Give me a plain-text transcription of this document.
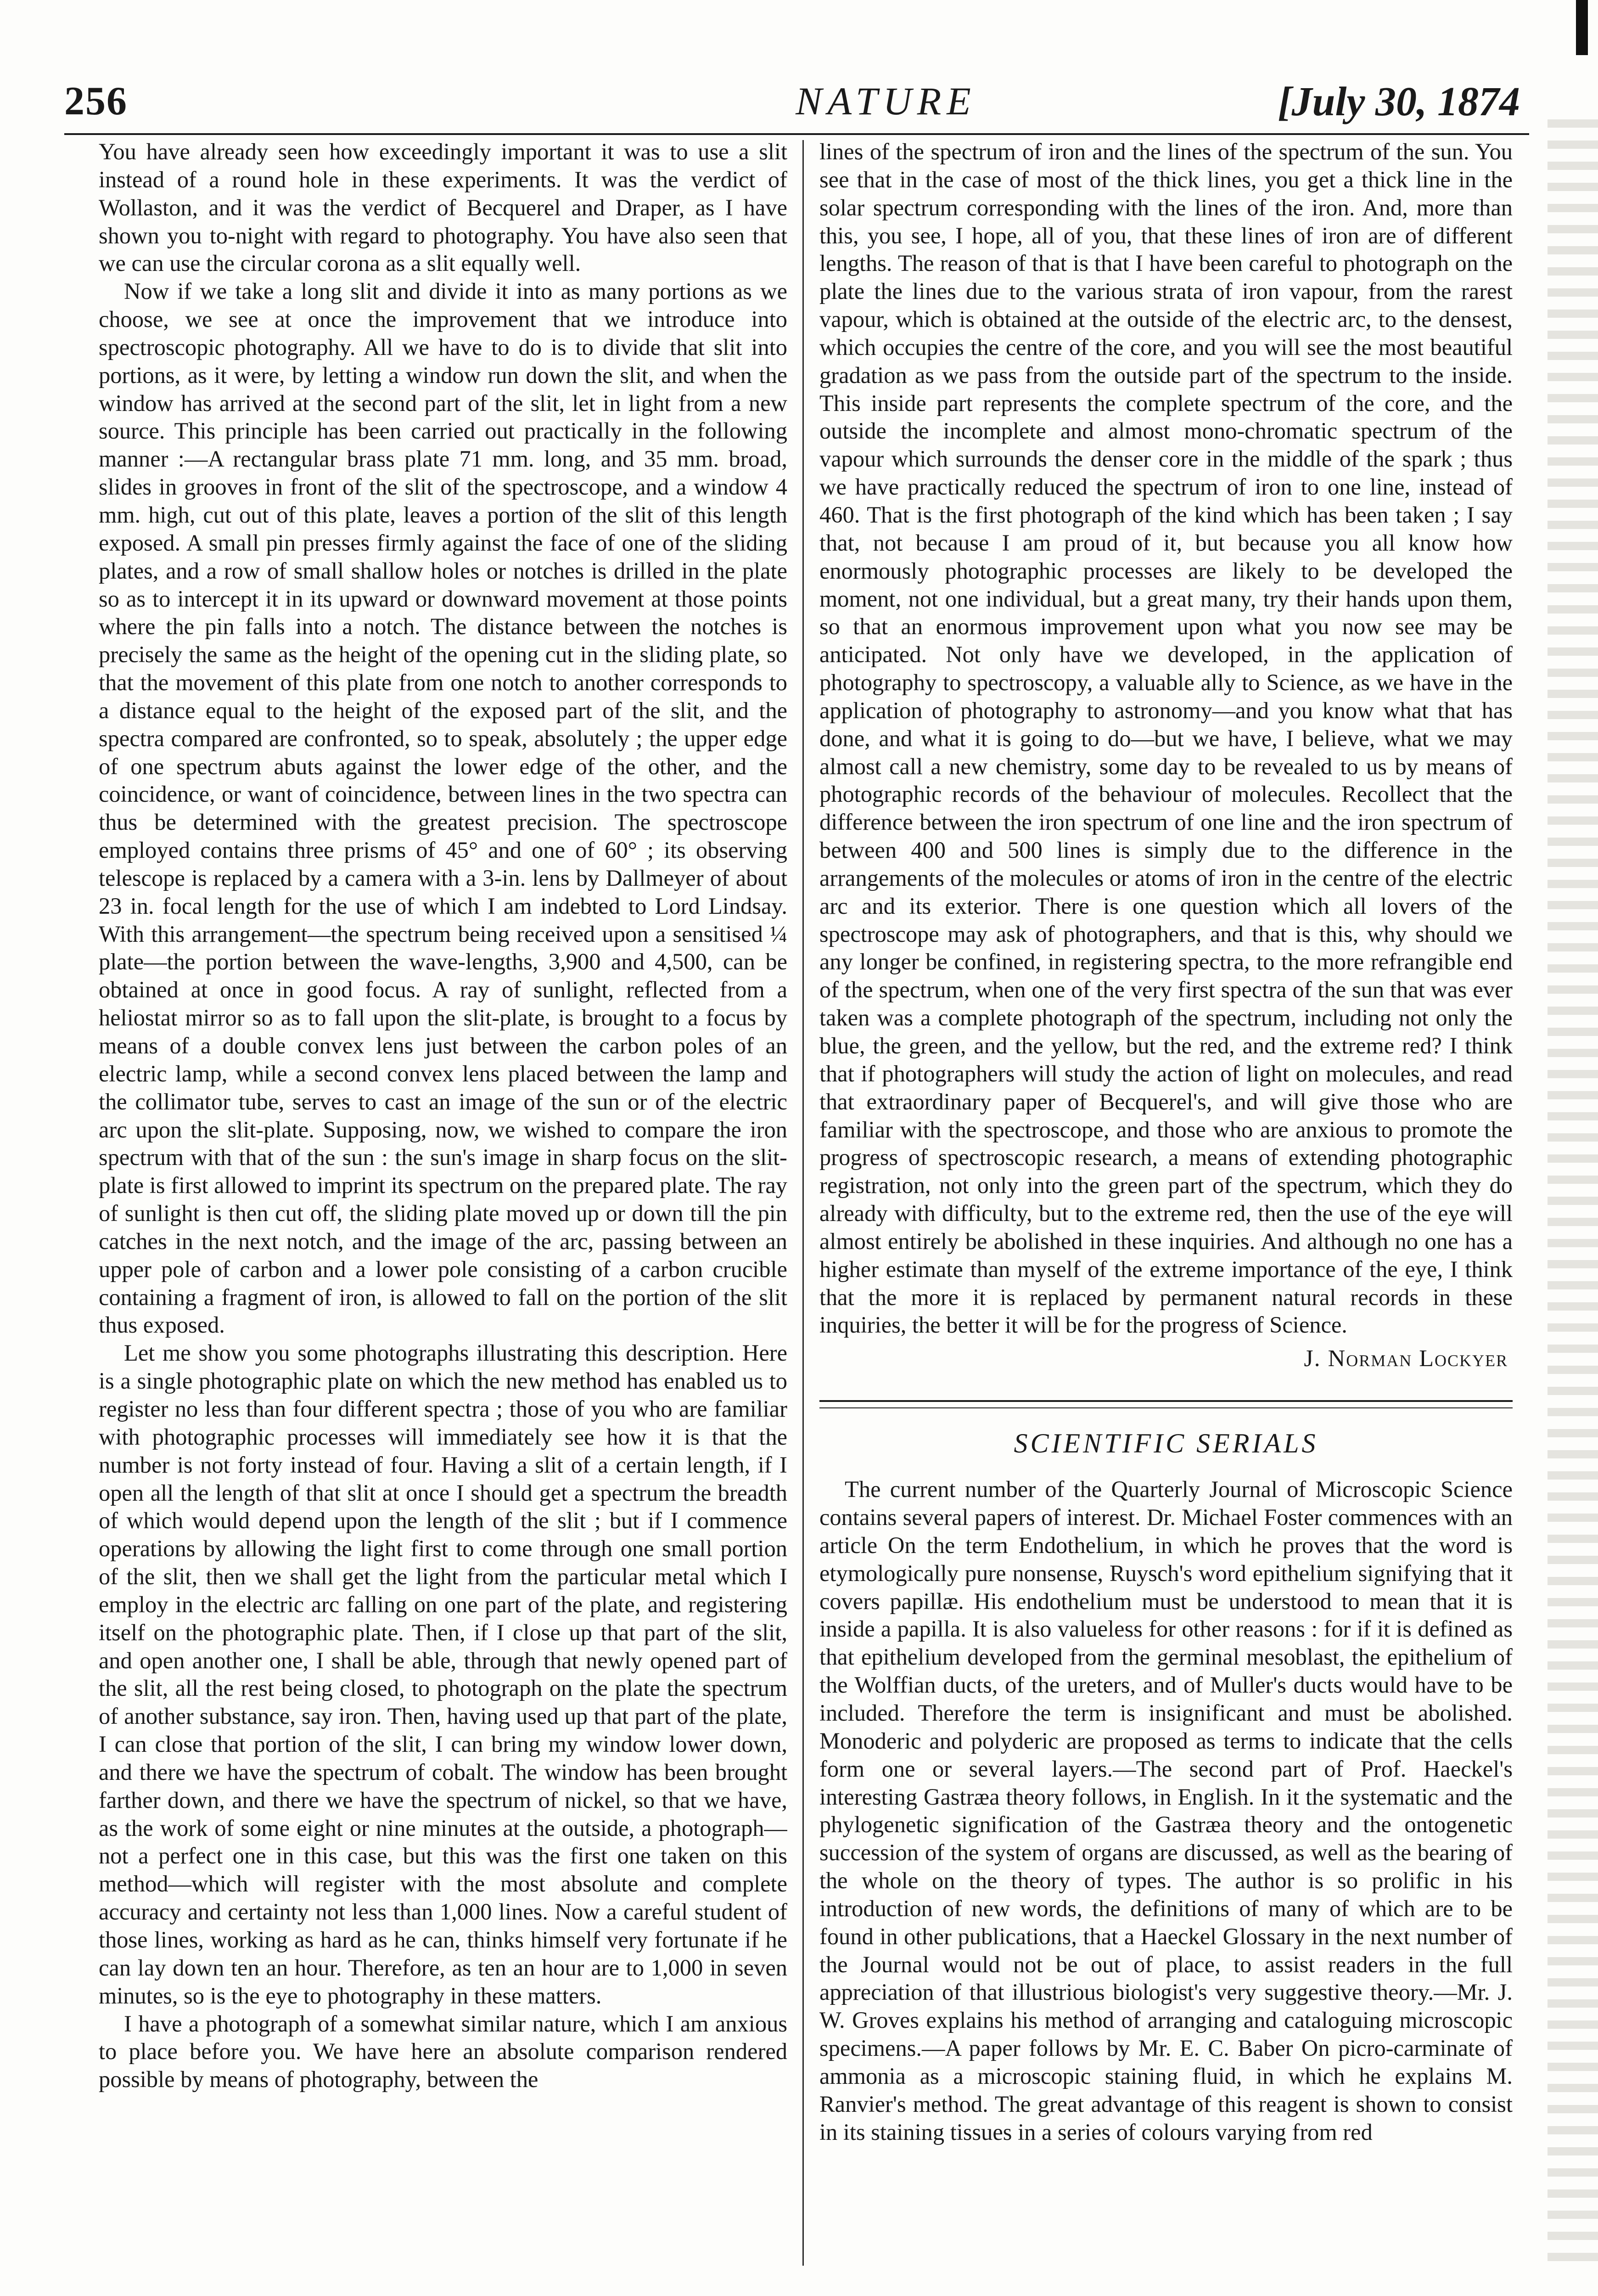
256	NATURE	[July 30, 1874

You have already seen how exceedingly important it was to use a slit instead of a round hole in these experiments. It was the verdict of Wollaston, and it was the verdict of Becquerel and Draper, as I have shown you to-night with regard to photography. You have also seen that we can use the circular corona as a slit equally well.

Now if we take a long slit and divide it into as many portions as we choose, we see at once the improvement that we introduce into spectroscopic photography. All we have to do is to divide that slit into portions, as it were, by letting a window run down the slit, and when the window has arrived at the second part of the slit, let in light from a new source. This principle has been carried out practically in the following manner :—A rectangular brass plate 71 mm. long, and 35 mm. broad, slides in grooves in front of the slit of the spectroscope, and a window 4 mm. high, cut out of this plate, leaves a portion of the slit of this length exposed. A small pin presses firmly against the face of one of the sliding plates, and a row of small shallow holes or notches is drilled in the plate so as to intercept it in its upward or downward movement at those points where the pin falls into a notch. The distance between the notches is precisely the same as the height of the opening cut in the sliding plate, so that the movement of this plate from one notch to another corresponds to a distance equal to the height of the exposed part of the slit, and the spectra compared are confronted, so to speak, absolutely ; the upper edge of one spectrum abuts against the lower edge of the other, and the coincidence, or want of coincidence, between lines in the two spectra can thus be determined with the greatest precision. The spectroscope employed contains three prisms of 45° and one of 60° ; its observing telescope is replaced by a camera with a 3-in. lens by Dallmeyer of about 23 in. focal length for the use of which I am indebted to Lord Lindsay. With this arrangement—the spectrum being received upon a sensitised ¼ plate—the portion between the wave-lengths, 3,900 and 4,500, can be obtained at once in good focus. A ray of sunlight, reflected from a heliostat mirror so as to fall upon the slit-plate, is brought to a focus by means of a double convex lens just between the carbon poles of an electric lamp, while a second convex lens placed between the lamp and the collimator tube, serves to cast an image of the sun or of the electric arc upon the slit-plate. Supposing, now, we wished to compare the iron spectrum with that of the sun : the sun's image in sharp focus on the slit-plate is first allowed to imprint its spectrum on the prepared plate. The ray of sunlight is then cut off, the sliding plate moved up or down till the pin catches in the next notch, and the image of the arc, passing between an upper pole of carbon and a lower pole consisting of a carbon crucible containing a fragment of iron, is allowed to fall on the portion of the slit thus exposed.

Let me show you some photographs illustrating this description. Here is a single photographic plate on which the new method has enabled us to register no less than four different spectra ; those of you who are familiar with photographic processes will immediately see how it is that the number is not forty instead of four. Having a slit of a certain length, if I open all the length of that slit at once I should get a spectrum the breadth of which would depend upon the length of the slit ; but if I commence operations by allowing the light first to come through one small portion of the slit, then we shall get the light from the particular metal which I employ in the electric arc falling on one part of the plate, and registering itself on the photographic plate. Then, if I close up that part of the slit, and open another one, I shall be able, through that newly opened part of the slit, all the rest being closed, to photograph on the plate the spectrum of another substance, say iron. Then, having used up that part of the plate, I can close that portion of the slit, I can bring my window lower down, and there we have the spectrum of cobalt. The window has been brought farther down, and there we have the spectrum of nickel, so that we have, as the work of some eight or nine minutes at the outside, a photograph—not a perfect one in this case, but this was the first one taken on this method—which will register with the most absolute and complete accuracy and certainty not less than 1,000 lines. Now a careful student of those lines, working as hard as he can, thinks himself very fortunate if he can lay down ten an hour. Therefore, as ten an hour are to 1,000 in seven minutes, so is the eye to photography in these matters.

I have a photograph of a somewhat similar nature, which I am anxious to place before you. We have here an absolute comparison rendered possible by means of photography, between the

lines of the spectrum of iron and the lines of the spectrum of the sun. You see that in the case of most of the thick lines, you get a thick line in the solar spectrum corresponding with the lines of the iron. And, more than this, you see, I hope, all of you, that these lines of iron are of different lengths. The reason of that is that I have been careful to photograph on the plate the lines due to the various strata of iron vapour, from the rarest vapour, which is obtained at the outside of the electric arc, to the densest, which occupies the centre of the core, and you will see the most beautiful gradation as we pass from the outside part of the spectrum to the inside. This inside part represents the complete spectrum of the core, and the outside the incomplete and almost mono-chromatic spectrum of the vapour which surrounds the denser core in the middle of the spark ; thus we have practically reduced the spectrum of iron to one line, instead of 460. That is the first photograph of the kind which has been taken ; I say that, not because I am proud of it, but because you all know how enormously photographic processes are likely to be developed the moment, not one individual, but a great many, try their hands upon them, so that an enormous improvement upon what you now see may be anticipated. Not only have we developed, in the application of photography to spectroscopy, a valuable ally to Science, as we have in the application of photography to astronomy—and you know what that has done, and what it is going to do—but we have, I believe, what we may almost call a new chemistry, some day to be revealed to us by means of photographic records of the behaviour of molecules. Recollect that the difference between the iron spectrum of one line and the iron spectrum of between 400 and 500 lines is simply due to the difference in the arrangements of the molecules or atoms of iron in the centre of the electric arc and its exterior. There is one question which all lovers of the spectroscope may ask of photographers, and that is this, why should we any longer be confined, in registering spectra, to the more refrangible end of the spectrum, when one of the very first spectra of the sun that was ever taken was a complete photograph of the spectrum, including not only the blue, the green, and the yellow, but the red, and the extreme red? I think that if photographers will study the action of light on molecules, and read that extraordinary paper of Becquerel's, and will give those who are familiar with the spectroscope, and those who are anxious to promote the progress of spectroscopic research, a means of extending photographic registration, not only into the green part of the spectrum, which they do already with difficulty, but to the extreme red, then the use of the eye will almost entirely be abolished in these inquiries. And although no one has a higher estimate than myself of the extreme importance of the eye, I think that the more it is replaced by permanent natural records in these inquiries, the better it will be for the progress of Science.

J. Norman Lockyer
SCIENTIFIC SERIALS

The current number of the Quarterly Journal of Microscopic Science contains several papers of interest. Dr. Michael Foster commences with an article On the term Endothelium, in which he proves that the word is etymologically pure nonsense, Ruysch's word epithelium signifying that it covers papillæ. His endothelium must be understood to mean that it is inside a papilla. It is also valueless for other reasons : for if it is defined as that epithelium developed from the germinal mesoblast, the epithelium of the Wolffian ducts, of the ureters, and of Muller's ducts would have to be included. Therefore the term is insignificant and must be abolished. Monoderic and polyderic are proposed as terms to indicate that the cells form one or several layers.—The second part of Prof. Haeckel's interesting Gastræa theory follows, in English. In it the systematic and the phylogenetic signification of the Gastræa theory and the ontogenetic succession of the system of organs are discussed, as well as the bearing of the whole on the theory of types. The author is so prolific in his introduction of new words, the definitions of many of which are to be found in other publications, that a Haeckel Glossary in the next number of the Journal would not be out of place, to assist readers in the full appreciation of that illustrious biologist's very suggestive theory.—Mr. J. W. Groves explains his method of arranging and cataloguing microscopic specimens.—A paper follows by Mr. E. C. Baber On picro-carminate of ammonia as a microscopic staining fluid, in which he explains M. Ranvier's method. The great advantage of this reagent is shown to consist in its staining tissues in a series of colours varying from red
